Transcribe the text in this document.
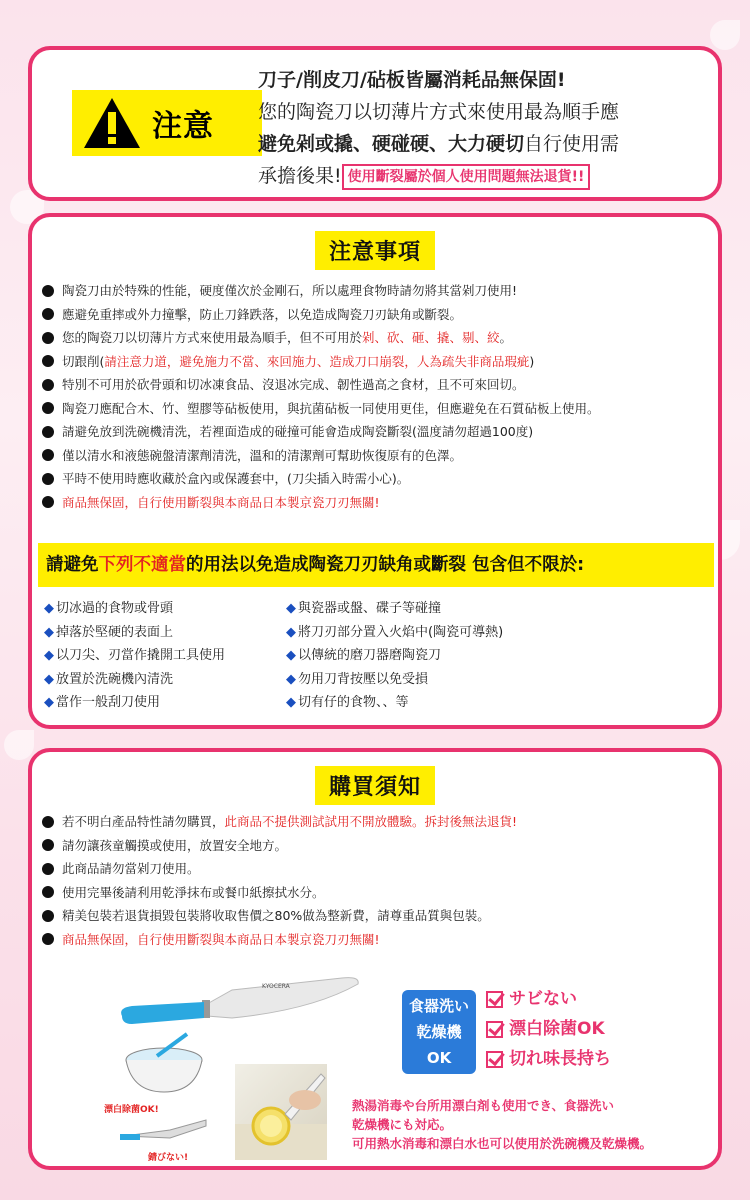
注意
刀子/削皮刀/砧板皆屬消耗品無保固!
您的陶瓷刀以切薄片方式來使用最為順手應
避免剁或撬、硬碰硬、大力硬切自行使用需
承擔後果! 使用斷裂屬於個人使用問題無法退貨!!
注意事項
陶瓷刀由於特殊的性能，硬度僅次於金剛石，所以處理食物時請勿將其當剁刀使用!
應避免重摔或外力撞擊，防止刀鋒跌落，以免造成陶瓷刀刃缺角或斷裂。
您的陶瓷刀以切薄片方式來使用最為順手，但不可用於 剁、砍、砸、撬、剔、絞 。
切跟削( 請注意力道，避免施力不當、來回施力、造成刀口崩裂，人為疏失非商品瑕疵 )
特別不可用於砍骨頭和切冰凍食品、沒退冰完成、韌性過高之食材，且不可來回切。
陶瓷刀應配合木、竹、塑膠等砧板使用，與抗菌砧板一同使用更佳，但應避免在石質砧板上使用。
請避免放到洗碗機清洗，若裡面造成的碰撞可能會造成陶瓷斷裂(溫度請勿超過100度)
僅以清水和液態碗盤清潔劑清洗，溫和的清潔劑可幫助恢復原有的色澤。
平時不使用時應收藏於盒內或保護套中，(刀尖插入時需小心)。
商品無保固，自行使用斷裂與本商品日本製京瓷刀刃無關!
請避免下列不適當的用法以免造成陶瓷刀刃缺角或斷裂 包含但不限於:
◆ 切冰過的食物或骨頭	◆ 與瓷器或盤、碟子等碰撞
◆ 掉落於堅硬的表面上	◆ 將刀刃部分置入火焰中(陶瓷可導熱)
◆ 以刀尖、刃當作撬開工具使用	◆ 以傳統的磨刀器磨陶瓷刀
◆ 放置於洗碗機內清洗	◆ 勿用刀背按壓以免受損
◆ 當作一般刮刀使用	◆ 切有仔的食物、、等
購買須知
若不明白產品特性請勿購買， 此商品不提供測試試用不開放體驗。拆封後無法退貨!
請勿讓孩童觸摸或使用，放置安全地方。
此商品請勿當剁刀使用。
使用完畢後請利用乾淨抹布或餐巾紙擦拭水分。
精美包裝若退貨損毀包裝將收取售價之80%做為整新費，請尊重品質與包裝。
商品無保固，自行使用斷裂與本商品日本製京瓷刀刃無關!
KYOCERA
漂白除菌OK!
錆びない!
食器洗い
乾燥機
OK
サビない
漂白除菌OK
切れ味長持ち
熱湯消毒や台所用漂白剤も使用でき、食器洗い
乾燥機にも対応。
可用熱水消毒和漂白水也可以使用於洗碗機及乾燥機。
